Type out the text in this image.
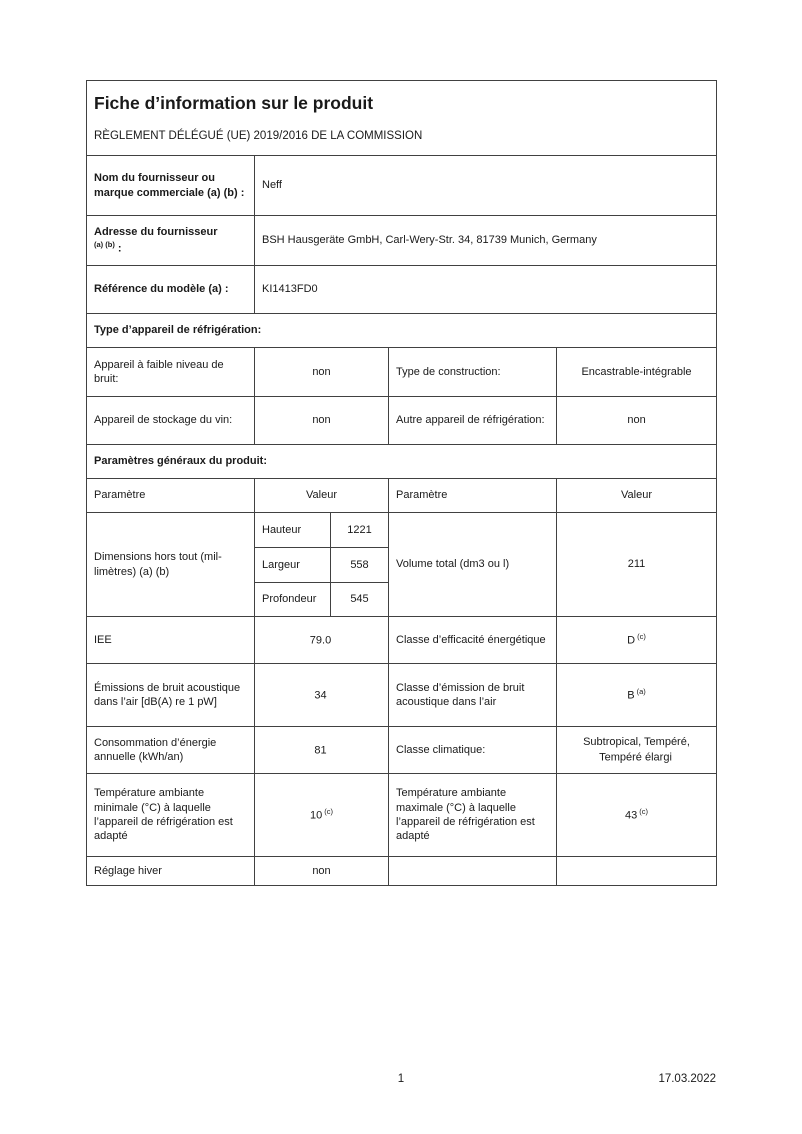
Fiche d’information sur le produit
RÈGLEMENT DÉLÉGUÉ (UE) 2019/2016 DE LA COMMISSION				

Nom du fournisseur ou marque commerciale (a) (b) :	Neff			
Adresse du fournisseur
$^{(a) (b)}$ :	BSH Hausgeräte GmbH, Carl-Wery-Str. 34, 81739 Munich, Germany			
Référence du modèle (a) :	KI1413FD0			
Type d’appareil de réfrigération:				
Appareil à faible niveau de bruit:	non		Type de construction:	Encastrable-intégrable
Appareil de stockage du vin:	non		Autre appareil de réfrigération:	non
Paramètres généraux du produit:				
Paramètre	Valeur		Paramètre	Valeur
Dimensions hors tout (millimètres) (a) (b)	Hauteur	1221	Volume total (dm3 ou l)	211
	Largeur	558		
	Profondeur	545		
IEE	79.0		Classe d’efficacité énergétique	D $^{(c)}$
Émissions de bruit acoustique dans l’air [dB(A) re 1 pW]	34		Classe d’émission de bruit acoustique dans l’air	B $^{(a)}$
Consommation d’énergie annuelle (kWh/an)	81		Classe climatique:	Subtropical, Tempéré, Tempéré élargi
Température ambiante minimale (°C) à laquelle l’appareil de réfrigération est adapté	10 $^{(c)}$		Température ambiante maximale (°C) à laquelle l’appareil de réfrigération est adapté	43 $^{(c)}$
Réglage hiver	non			
1	17.03.2022
